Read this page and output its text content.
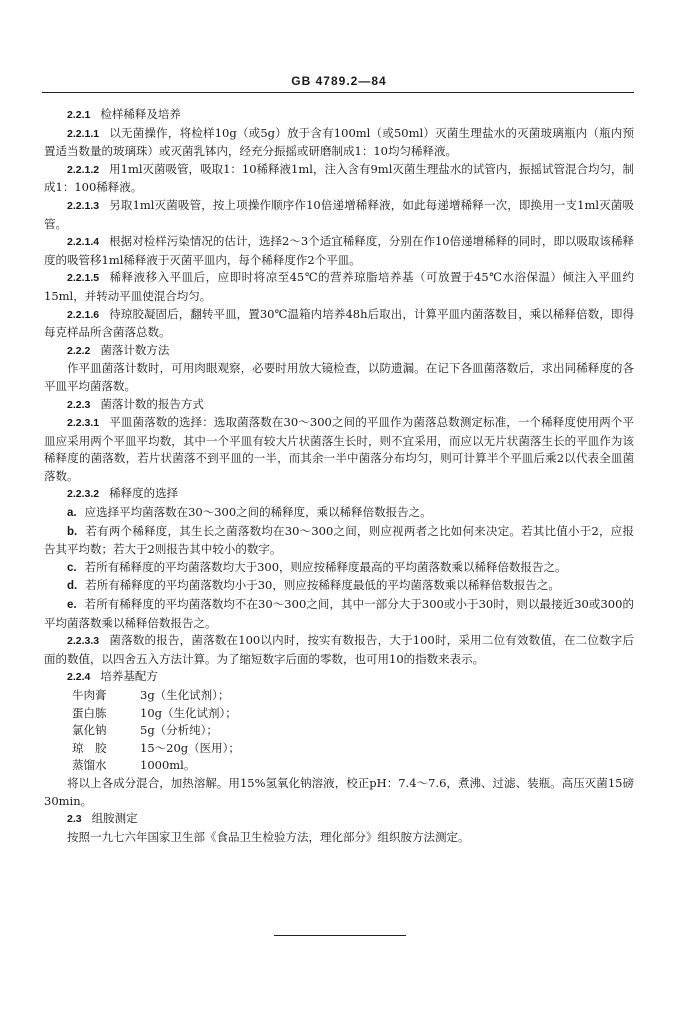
GB 4789.2—84

2.2.1 检样稀释及培养

2.2.1.1 以无菌操作，将检样10g（或5g）放于含有100ml（或50ml）灭菌生理盐水的灭菌玻璃瓶内（瓶内预置适当数量的玻璃珠）或灭菌乳钵内，经充分振摇或研磨制成1：10均匀稀释液。

2.2.1.2 用1ml灭菌吸管，吸取1：10稀释液1ml，注入含有9ml灭菌生理盐水的试管内，振摇试管混合均匀，制成1：100稀释液。

2.2.1.3 另取1ml灭菌吸管，按上项操作顺序作10倍递增稀释液，如此每递增稀释一次，即换用一支1ml灭菌吸管。

2.2.1.4 根据对检样污染情况的估计，选择2～3个适宜稀释度，分别在作10倍递增稀释的同时，即以吸取该稀释度的吸管移1ml稀释液于灭菌平皿内，每个稀释度作2个平皿。

2.2.1.5 稀释液移入平皿后，应即时将凉至45℃的营养琼脂培养基（可放置于45℃水浴保温）倾注入平皿约15ml，并转动平皿使混合均匀。

2.2.1.6 待琼胶凝固后，翻转平皿，置30℃温箱内培养48h后取出，计算平皿内菌落数目，乘以稀释倍数，即得每克样品所含菌落总数。

2.2.2 菌落计数方法

作平皿菌落计数时，可用肉眼观察，必要时用放大镜检查，以防遗漏。在记下各皿菌落数后，求出同稀释度的各平皿平均菌落数。

2.2.3 菌落计数的报告方式

2.2.3.1 平皿菌落数的选择：选取菌落数在30～300之间的平皿作为菌落总数测定标准，一个稀释度使用两个平皿应采用两个平皿平均数，其中一个平皿有较大片状菌落生长时，则不宜采用，而应以无片状菌落生长的平皿作为该稀释度的菌落数，若片状菌落不到平皿的一半，而其余一半中菌落分布均匀，则可计算半个平皿后乘2以代表全皿菌落数。

2.2.3.2 稀释度的选择

a. 应选择平均菌落数在30～300之间的稀释度，乘以稀释倍数报告之。

b. 若有两个稀释度，其生长之菌落数均在30～300之间，则应视两者之比如何来决定。若其比值小于2，应报告其平均数；若大于2则报告其中较小的数字。

c. 若所有稀释度的平均菌落数均大于300，则应按稀释度最高的平均菌落数乘以稀释倍数报告之。

d. 若所有稀释度的平均菌落数均小于30，则应按稀释度最低的平均菌落数乘以稀释倍数报告之。

e. 若所有稀释度的平均菌落数均不在30～300之间，其中一部分大于300或小于30时，则以最接近30或300的平均菌落数乘以稀释倍数报告之。

2.2.3.3 菌落数的报告，菌落数在100以内时，按实有数报告，大于100时，采用二位有效数值，在二位数字后面的数值，以四舍五入方法计算。为了缩短数字后面的零数，也可用10的指数来表示。

2.2.4 培养基配方

牛肉膏	3g（生化试剂）；
蛋白胨	10g（生化试剂）；
氯化钠	5g（分析纯）；
琼　胶	15～20g（医用）；
蒸馏水	1000ml。

将以上各成分混合，加热溶解。用15%氢氧化钠溶液，校正pH：7.4～7.6，煮沸、过滤、装瓶。高压灭菌15磅30min。

2.3 组胺测定

按照一九七六年国家卫生部《食品卫生检验方法，理化部分》组织胺方法测定。
